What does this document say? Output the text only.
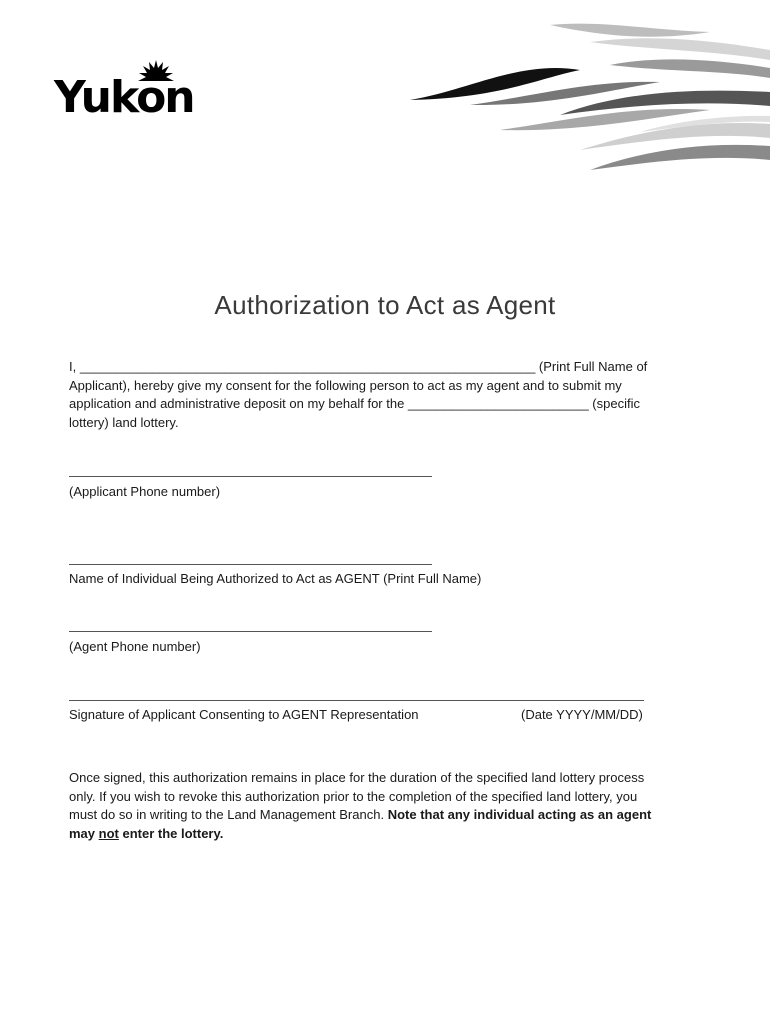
Yukon
Authorization to Act as Agent
I, _______________________________________________________________ (Print Full Name of Applicant), hereby give my consent for the following person to act as my agent and to submit my application and administrative deposit on my behalf for the _________________________ (specific lottery) land lottery.
(Applicant Phone number)
Name of Individual Being Authorized to Act as AGENT (Print Full Name)
(Agent Phone number)
Signature of Applicant Consenting to AGENT Representation	(Date YYYY/MM/DD)
Once signed, this authorization remains in place for the duration of the specified land lottery process only. If you wish to revoke this authorization prior to the completion of the specified land lottery, you must do so in writing to the Land Management Branch. Note that any individual acting as an agent may not enter the lottery.
